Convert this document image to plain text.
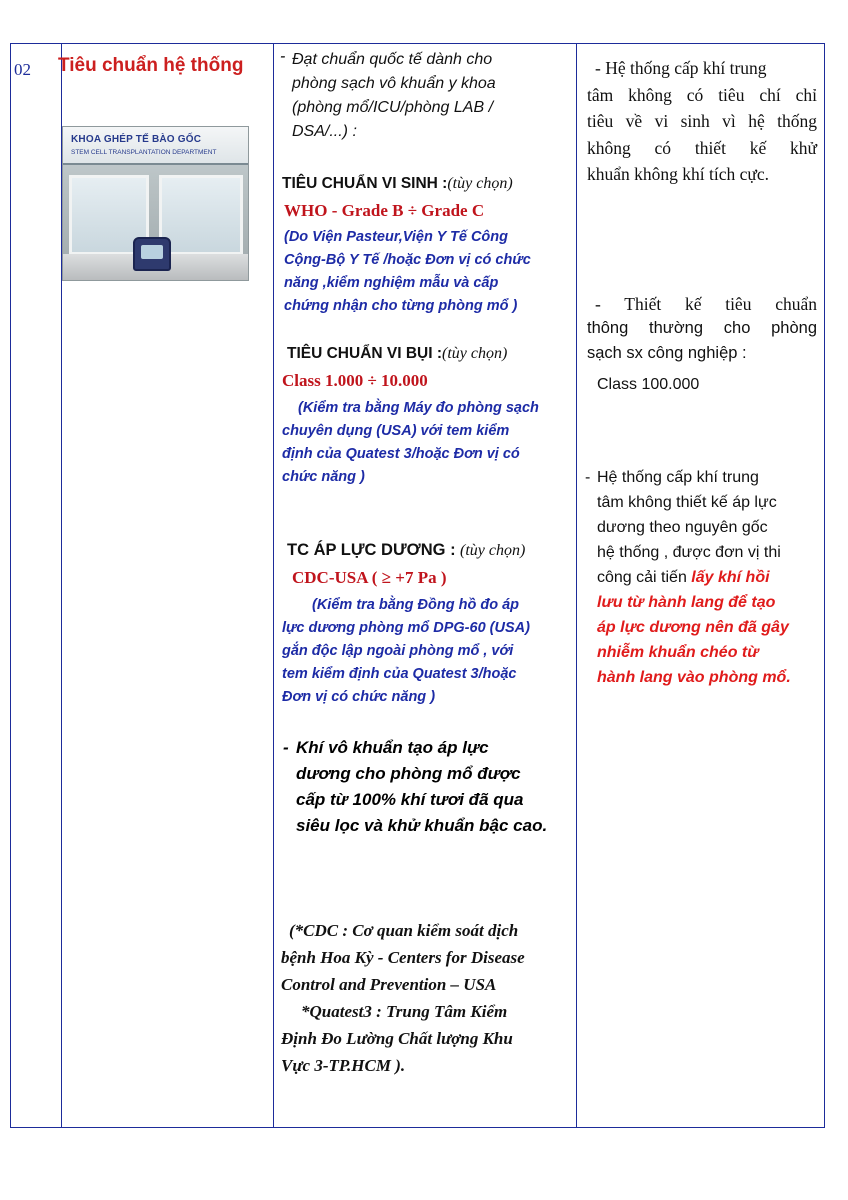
02 Tiêu chuẩn hệ thống
KHOA GHÉP TẾ BÀO GỐC
STEM CELL TRANSPLANTATION DEPARTMENT
- Đạt chuẩn quốc tế dành cho
phòng sạch vô khuẩn y khoa
(phòng mổ/ICU/phòng LAB /
DSA/...) :
TIÊU CHUẨN VI SINH :(tùy chọn)
WHO - Grade B ÷ Grade C
(Do Viện Pasteur,Viện Y Tế Công
Cộng-Bộ Y Tế /hoặc Đơn vị có chức
năng ,kiểm nghiệm mẫu và cấp
chứng nhận cho từng phòng mổ )
TIÊU CHUẨN VI BỤI :(tùy chọn)
Class 1.000 ÷ 10.000
(Kiểm tra bằng Máy đo phòng sạch
chuyên dụng (USA) với tem kiểm
định của Quatest 3/hoặc Đơn vị có
chức năng )
TC ÁP LỰC DƯƠNG : (tùy chọn)
CDC-USA ( ≥ +7 Pa )
(Kiểm tra bằng Đồng hồ đo áp
lực dương phòng mổ DPG-60 (USA)
gắn độc lập ngoài phòng mổ , với
tem kiểm định của Quatest 3/hoặc
Đơn vị có chức năng )
- Khí vô khuẩn tạo áp lực
dương cho phòng mổ được
cấp từ 100% khí tươi đã qua
siêu lọc và khử khuẩn bậc cao.
(*CDC : Cơ quan kiểm soát dịch
bệnh Hoa Kỳ - Centers for Disease
Control and Prevention – USA
*Quatest3 : Trung Tâm Kiểm
Định Đo Lường Chất lượng Khu
Vực 3-TP.HCM ).
- Hệ thống cấp khí trung
tâm không có tiêu chí chỉ
tiêu về vi sinh vì hệ thống
không có thiết kế khử
khuẩn không khí tích cực.
- Thiết kế tiêu chuẩn
thông thường cho phòng
sạch sx công nghiệp :
Class 100.000
- Hệ thống cấp khí trung
tâm không thiết kế áp lực
dương theo nguyên gốc
hệ thống , được đơn vị thi
công cải tiến lấy khí hồi
lưu từ hành lang để tạo
áp lực dương nên đã gây
nhiễm khuẩn chéo từ
hành lang vào phòng mổ.
